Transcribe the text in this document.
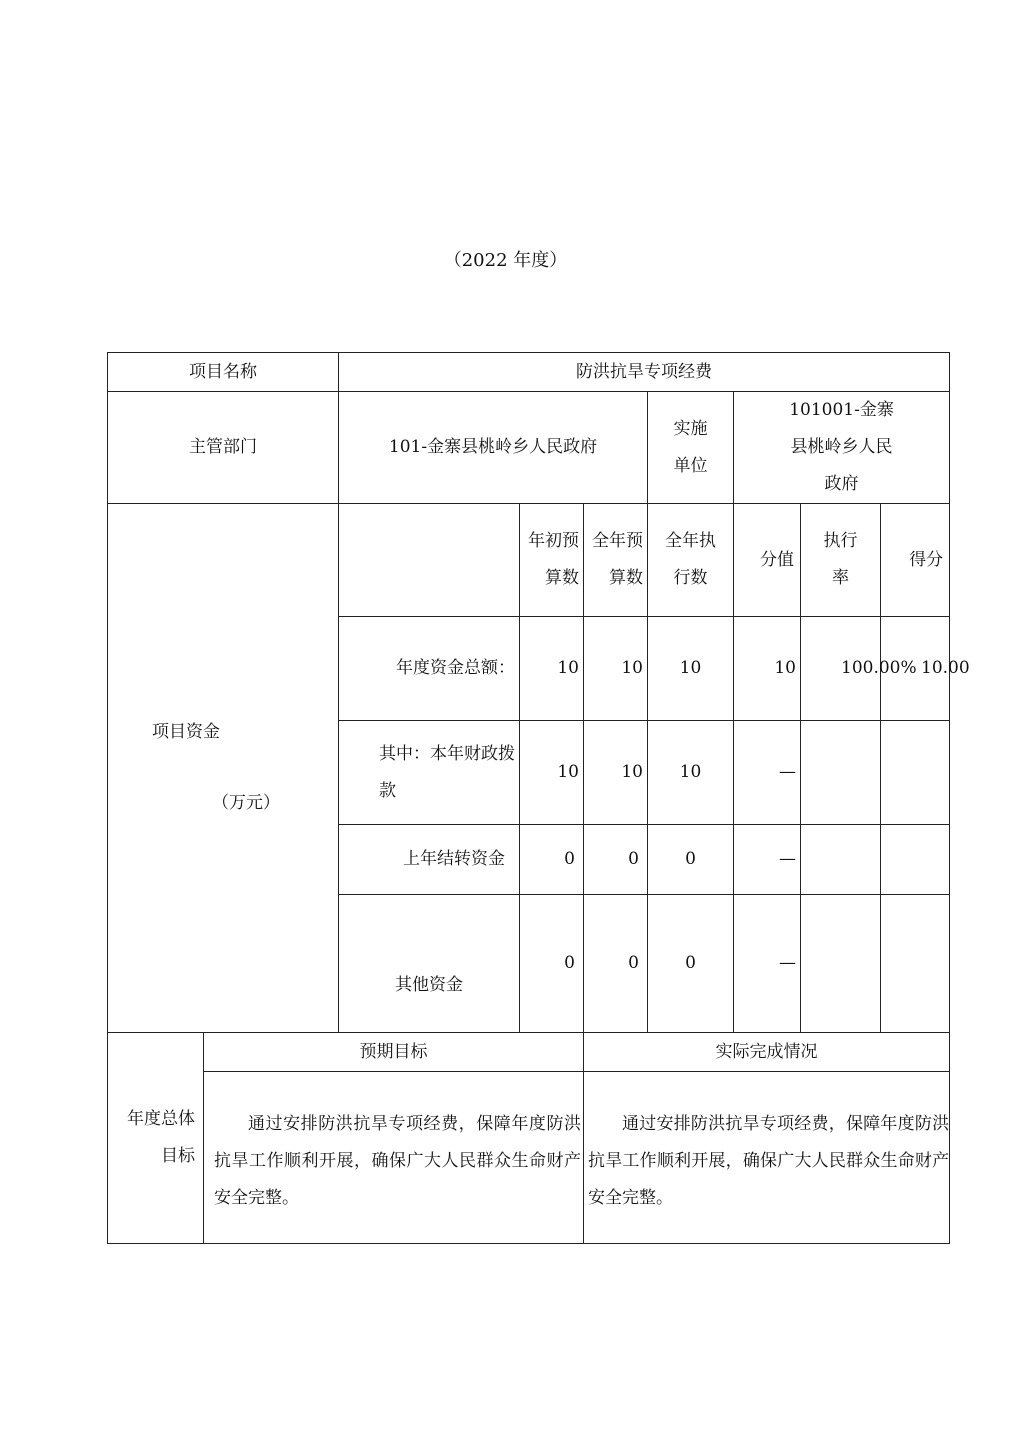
（2022 年度）
项目名称		防洪抗旱专项经费						
主管部门		101-金寨县桃岭乡人民政府			实施单位	101001-金寨县桃岭乡人民政府		

项目资金
（万元）			年初预算数	全年预算数	全年执行数	分值	执行率	得分
		年度资金总额：	10	10	10	10	100.00%	10.00
		其中：本年财政拨款	10	10	10	—		
		上年结转资金	0	0	0	—		
		其他资金	0	0	0	—		
年度总体目标	预期目标			实际完成情况				
	通过安排防洪抗旱专项经费，保障年度防洪抗旱工作顺利开展，确保广大人民群众生命财产安全完整。			通过安排防洪抗旱专项经费，保障年度防洪抗旱工作顺利开展，确保广大人民群众生命财产安全完整。				
